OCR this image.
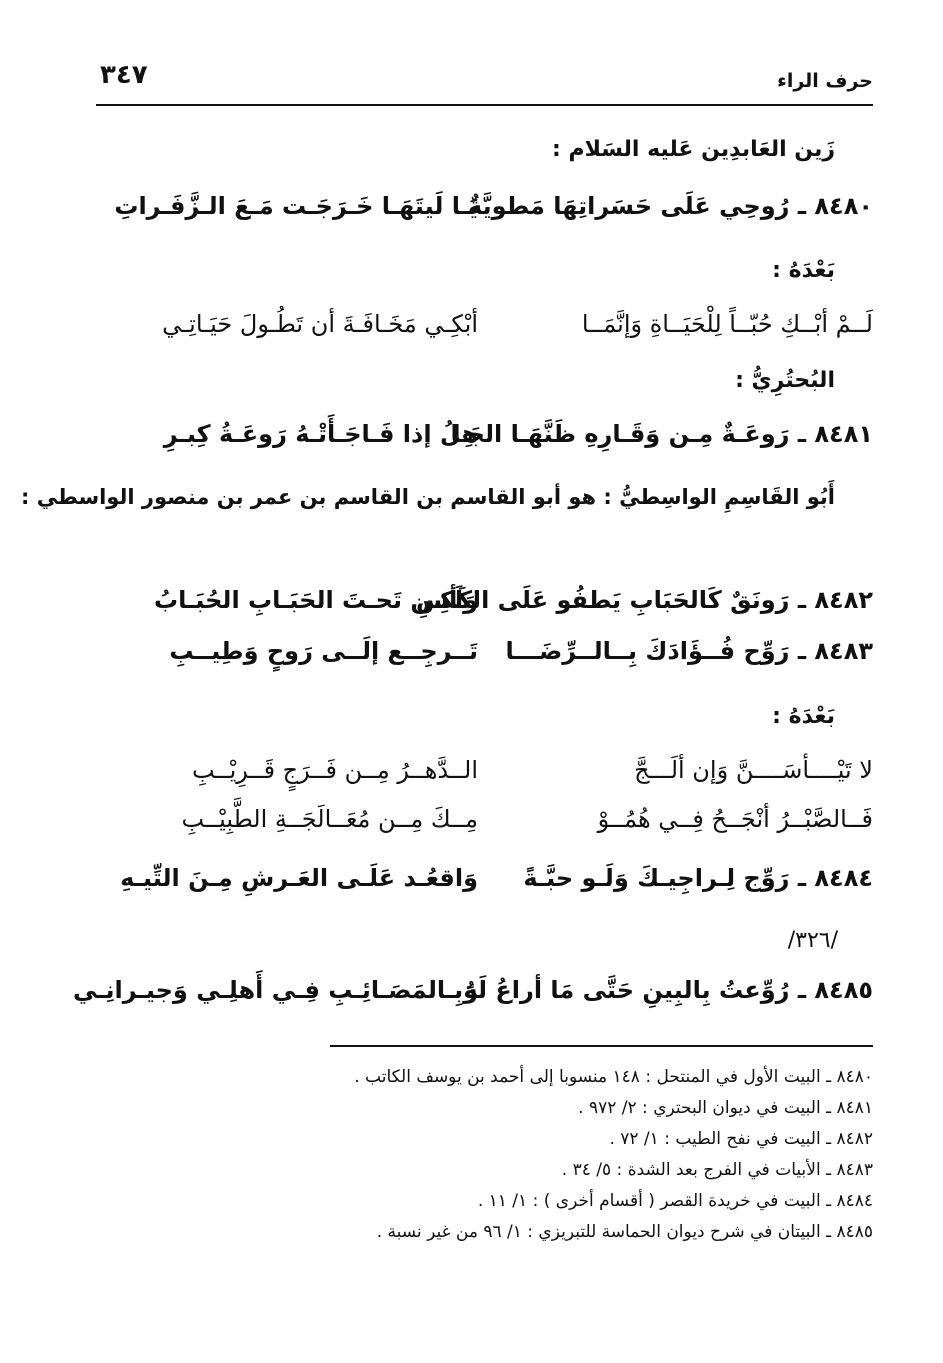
حرف الراء
٣٤٧
زَين العَابدِين عَليه السَلام :
٨٤٨٠ ـ رُوحِي عَلَى حَسَراتِهَا مَطويَّةٌ
يَـا لَيتَهَـا خَـرَجَـت مَـعَ الـزَّفَـراتِ
بَعْدَهُ :
لَــمْ أبْــكِ حُبّــاً لِلْحَيَــاةِ وَإنَّمَــا
أبْكِـي مَخَـافَـةَ أن تَطُـولَ حَيَـاتِـي
البُحتُرِيُّ :
٨٤٨١ ـ رَوعَـةٌ مِـن وَقَـارِهِ ظَنَّهَـا الجَـا
هِلُ إذا فَـاجَـأَتْـهُ رَوعَـةُ كِبـرِ
أَبُو القَاسِمِ الواسِطيُّ : هو أبو القاسم بن القاسم بن عمر بن منصور الواسطي :
٨٤٨٢ ـ رَونَقٌ كَالحَبَابِ يَطفُو عَلَى الكَأسِ
وَلَكِـن تَحـتَ الحَبَـابِ الحُبَـابُ
٨٤٨٣ ـ رَوِّح فُــؤَادَكَ بِــالــرِّضَـــا
تَــرجِــع إلَــى رَوحٍ وَطِيــبِ
بَعْدَهُ :
لا تَيْــــأسَــــنَّ وَإن ألَـــجَّ
الــدَّهــرُ مِــن فَــرَجٍ قَــرِيْــبِ
فَــالصَّبْــرُ أنْجَــحُ فِــي هُمُــوْ
مِــكَ مِــن مُعَــالَجَــةِ الطَّبِيْــبِ
٨٤٨٤ ـ رَوِّج لِـراجِيـكَ وَلَـو حبَّـةً
وَاقعُـد عَلَـى العَـرشِ مِـنَ التِّيـهِ
/٣٢٦/
٨٤٨٥ ـ رُوِّعتُ بِالبِينِ حَتَّى مَا أراعُ لَهُ
وَبِـالمَصَـائِـبِ فِـي أَهلِـي وَجيـرانِـي
٨٤٨٠ ـ البيت الأول في المنتحل : ١٤٨ منسوبا إلى أحمد بن يوسف الكاتب .
٨٤٨١ ـ البيت في ديوان البحتري : ٢/ ٩٧٢ .
٨٤٨٢ ـ البيت في نفح الطيب : ١/ ٧٢ .
٨٤٨٣ ـ الأبيات في الفرج بعد الشدة : ٥/ ٣٤ .
٨٤٨٤ ـ البيت في خريدة القصر ( أقسام أخرى ) : ١/ ١١ .
٨٤٨٥ ـ البيتان في شرح ديوان الحماسة للتبريزي : ١/ ٩٦ من غير نسبة .
